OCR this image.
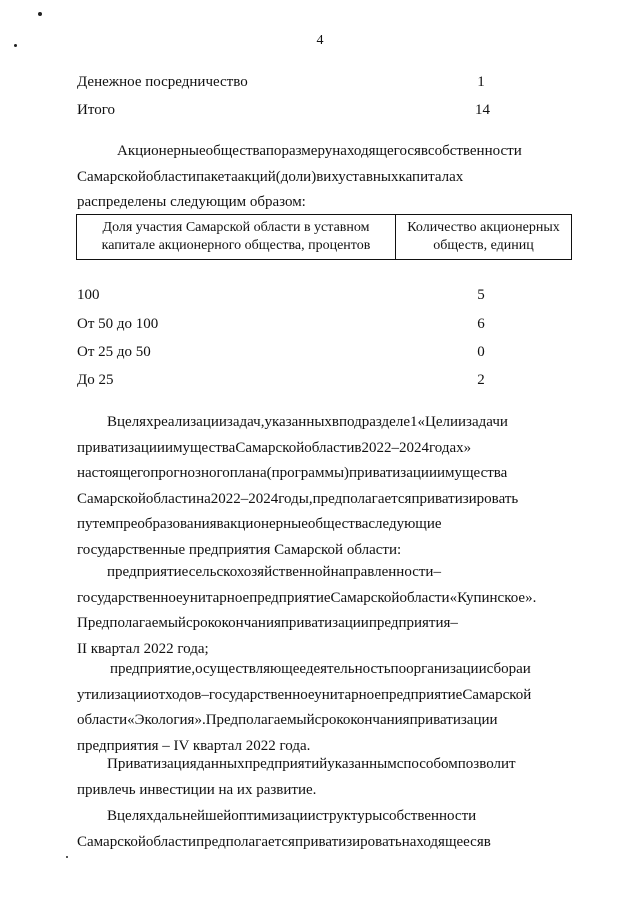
4
Денежное посредничество	1
Итого	14
Акционерныеобществапоразмерунаходящегосявсобственности
Самарскойобластипакетаакций(доли)вихуставныхкапиталах
распределены следующим образом:
Доля участия Самарской области в уставном капитале акционерного общества, процентов	Количество акционерных обществ, единиц
100	5
От 50 до 100	6
От 25 до 50	0
До 25	2
Вцеляхреализациизадач,указанныхвподразделе1«Целиизадачи
приватизацииимуществаСамарскойобластив2022–2024годах»
настоящегопрогнозногоплана(программы)приватизацииимущества
Самарскойобластина2022–2024годы,предполагаетсяприватизировать
путемпреобразованиявакционерныеобществаследующие
государственные предприятия Самарской области:
предприятиесельскохозяйственнойнаправленности–
государственноеунитарноепредприятиеСамарскойобласти«Купинское».
Предполагаемыйсрококончанияприватизациипредприятия–
II квартал 2022 года;
предприятие,осуществляющеедеятельностьпоорганизациисбораи
утилизацииотходов–государственноеунитарноепредприятиеСамарской
области«Экология».Предполагаемыйсрококончанияприватизации
предприятия – IV квартал 2022 года.
Приватизацияданныхпредприятийуказаннымспособомпозволит
привлечь инвестиции на их развитие.
Вцеляхдальнейшейоптимизацииструктурысобственности
Самарскойобластипредполагаетсяприватизироватьнаходящеесяв
